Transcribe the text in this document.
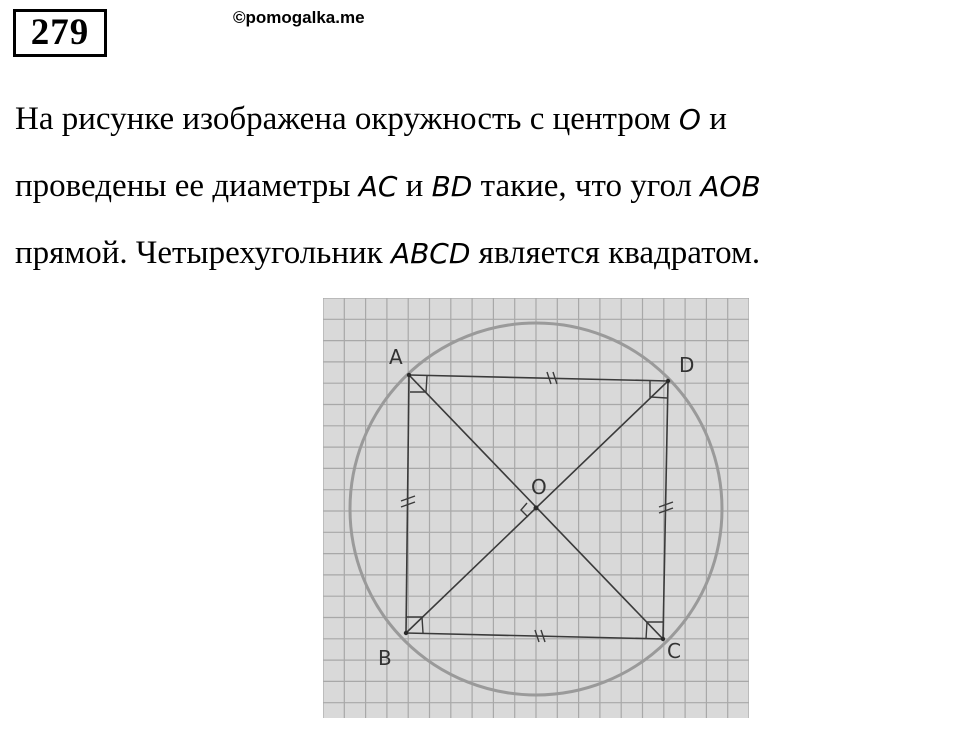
279	©pomogalka.me

На рисунке изображена окружность с центром O и
проведены ее диаметры AC и BD такие, что угол AOB
прямой. Четырехугольник ABCD является квадратом.

A	D
B	C
O
